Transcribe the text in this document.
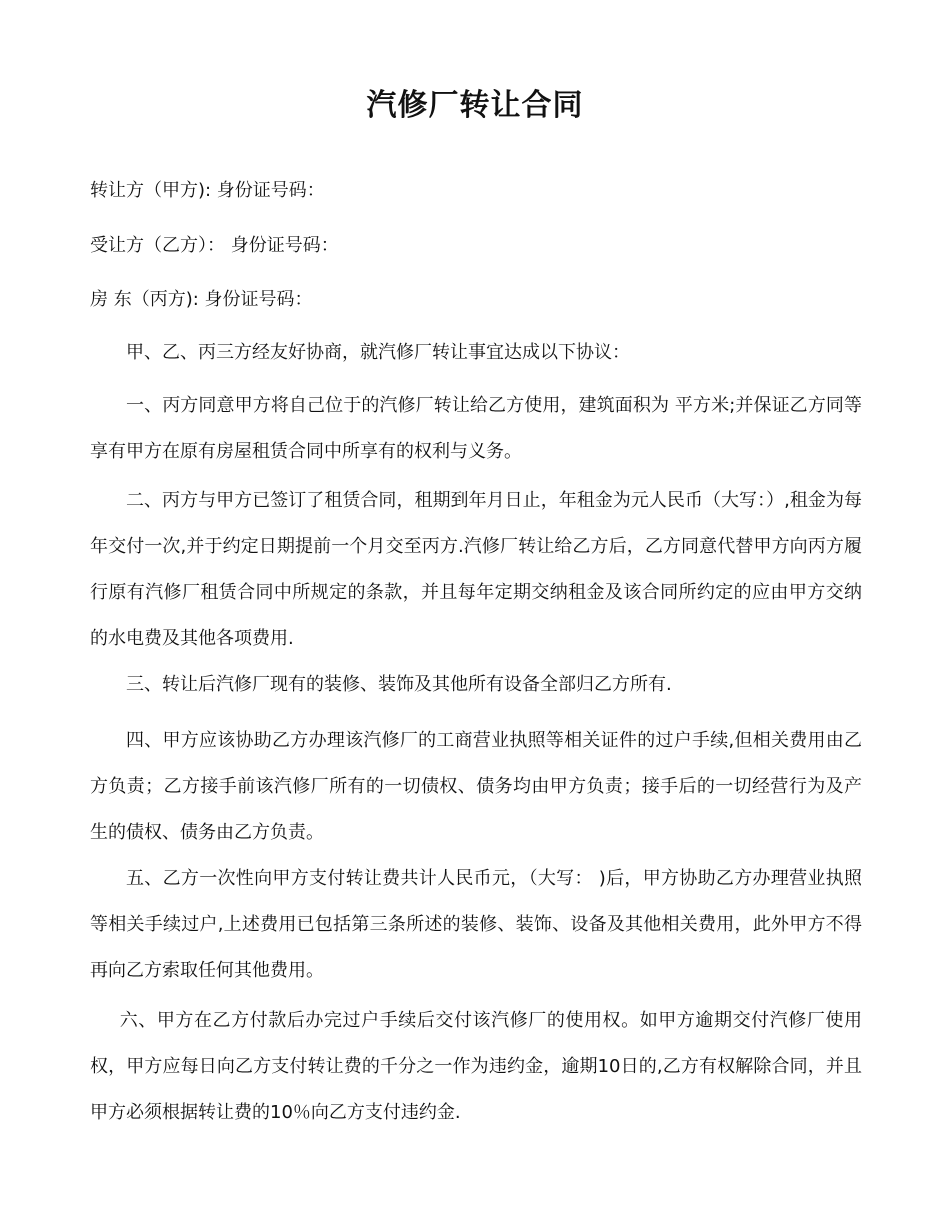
汽修厂转让合同
转让方（甲方): 身份证号码：
受让方（乙方）： 身份证号码：
房 东（丙方): 身份证号码：
甲、乙、丙三方经友好协商，就汽修厂转让事宜达成以下协议：
一、丙方同意甲方将自己位于的汽修厂转让给乙方使用，建筑面积为 平方米;并保证乙方同等享有甲方在原有房屋租赁合同中所享有的权利与义务。
二、丙方与甲方已签订了租赁合同，租期到年月日止，年租金为元人民币（大写：）,租金为每年交付一次,并于约定日期提前一个月交至丙方.汽修厂转让给乙方后，乙方同意代替甲方向丙方履行原有汽修厂租赁合同中所规定的条款，并且每年定期交纳租金及该合同所约定的应由甲方交纳的水电费及其他各项费用.
三、转让后汽修厂现有的装修、装饰及其他所有设备全部归乙方所有.
四、甲方应该协助乙方办理该汽修厂的工商营业执照等相关证件的过户手续,但相关费用由乙方负责；乙方接手前该汽修厂所有的一切债权、债务均由甲方负责；接手后的一切经营行为及产生的债权、债务由乙方负责。
五、乙方一次性向甲方支付转让费共计人民币元，（大写： )后，甲方协助乙方办理营业执照等相关手续过户,上述费用已包括第三条所述的装修、装饰、设备及其他相关费用，此外甲方不得再向乙方索取任何其他费用。
六、甲方在乙方付款后办完过户手续后交付该汽修厂的使用权。如甲方逾期交付汽修厂使用权，甲方应每日向乙方支付转让费的千分之一作为违约金，逾期10日的,乙方有权解除合同，并且甲方必须根据转让费的10％向乙方支付违约金.
